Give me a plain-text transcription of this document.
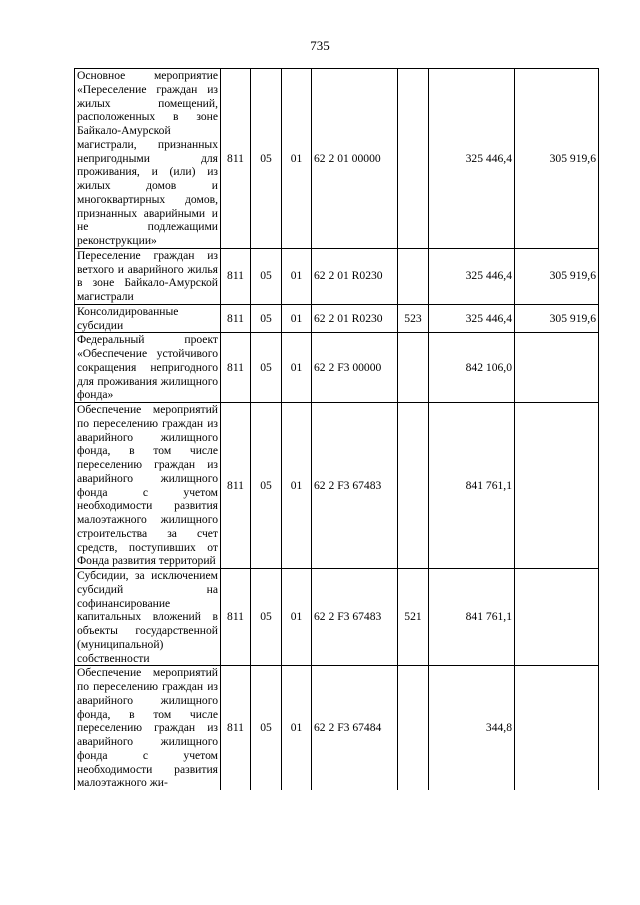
735
Основное мероприятие «Переселение граждан из жилых помещений, расположенных в зоне Байкало-Амурской магистрали, признанных непригодными для проживания, и (или) из жилых домов и многоквартирных домов, признанных аварийными и не подлежащими реконструкции»	811	05	01	62 2 01 00000		325 446,4	305 919,6
Переселение граждан из ветхого и аварийного жилья в зоне Байкало-Амурской магистрали	811	05	01	62 2 01 R0230		325 446,4	305 919,6
Консолидированные субсидии	811	05	01	62 2 01 R0230	523	325 446,4	305 919,6
Федеральный проект «Обеспечение устойчивого сокращения непригодного для проживания жилищного фонда»	811	05	01	62 2 F3 00000		842 106,0	
Обеспечение мероприятий по переселению граждан из аварийного жилищного фонда, в том числе переселению граждан из аварийного жилищного фонда с учетом необходимости развития малоэтажного жилищного строительства за счет средств, поступивших от Фонда развития территорий	811	05	01	62 2 F3 67483		841 761,1	
Субсидии, за исключением субсидий на софинансирование капитальных вложений в объекты государственной (муниципальной) собственности	811	05	01	62 2 F3 67483	521	841 761,1	
Обеспечение мероприятий по переселению граждан из аварийного жилищного фонда, в том числе переселению граждан из аварийного жилищного фонда с учетом необходимости развития малоэтажного жи-	811	05	01	62 2 F3 67484		344,8	
